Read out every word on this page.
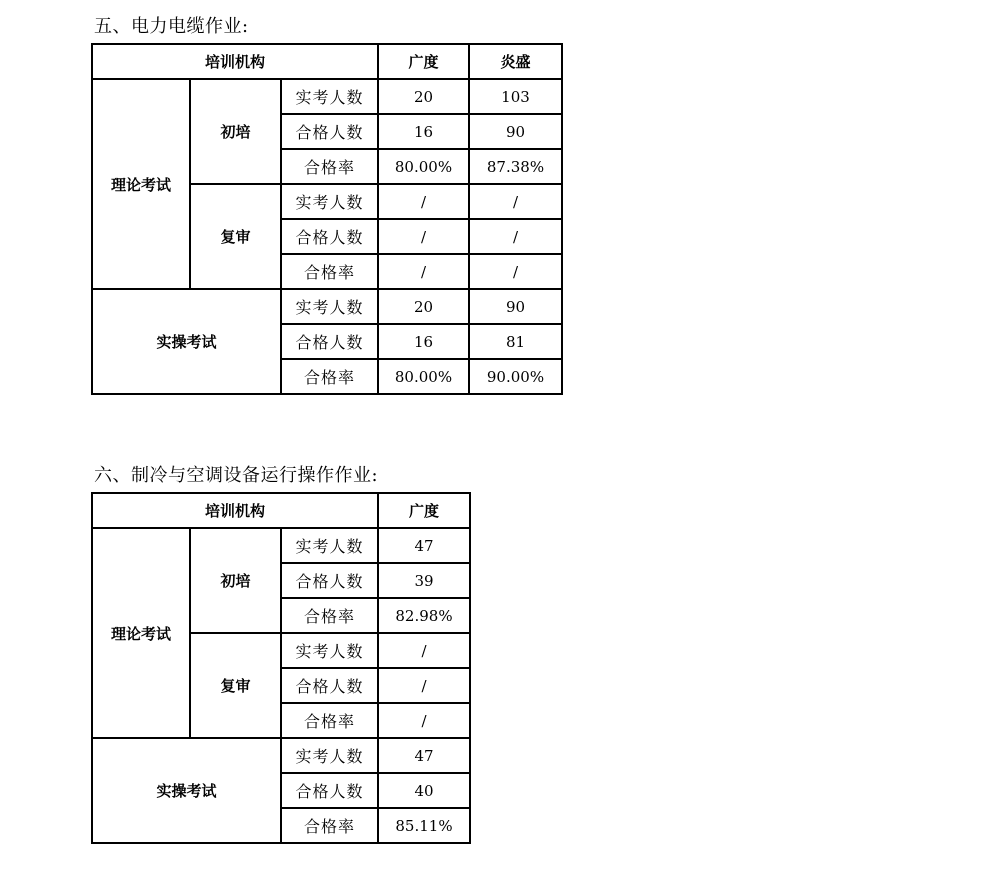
五、电力电缆作业:
培训机构			广度	炎盛
理论考试	初培	实考人数	20	103
		合格人数	16	90
		合格率	80.00%	87.38%
	复审	实考人数	/	/
		合格人数	/	/
		合格率	/	/
实操考试		实考人数	20	90
		合格人数	16	81
		合格率	80.00%	90.00%
六、制冷与空调设备运行操作作业:
培训机构			广度
理论考试	初培	实考人数	47
		合格人数	39
		合格率	82.98%
	复审	实考人数	/
		合格人数	/
		合格率	/
实操考试		实考人数	47
		合格人数	40
		合格率	85.11%
